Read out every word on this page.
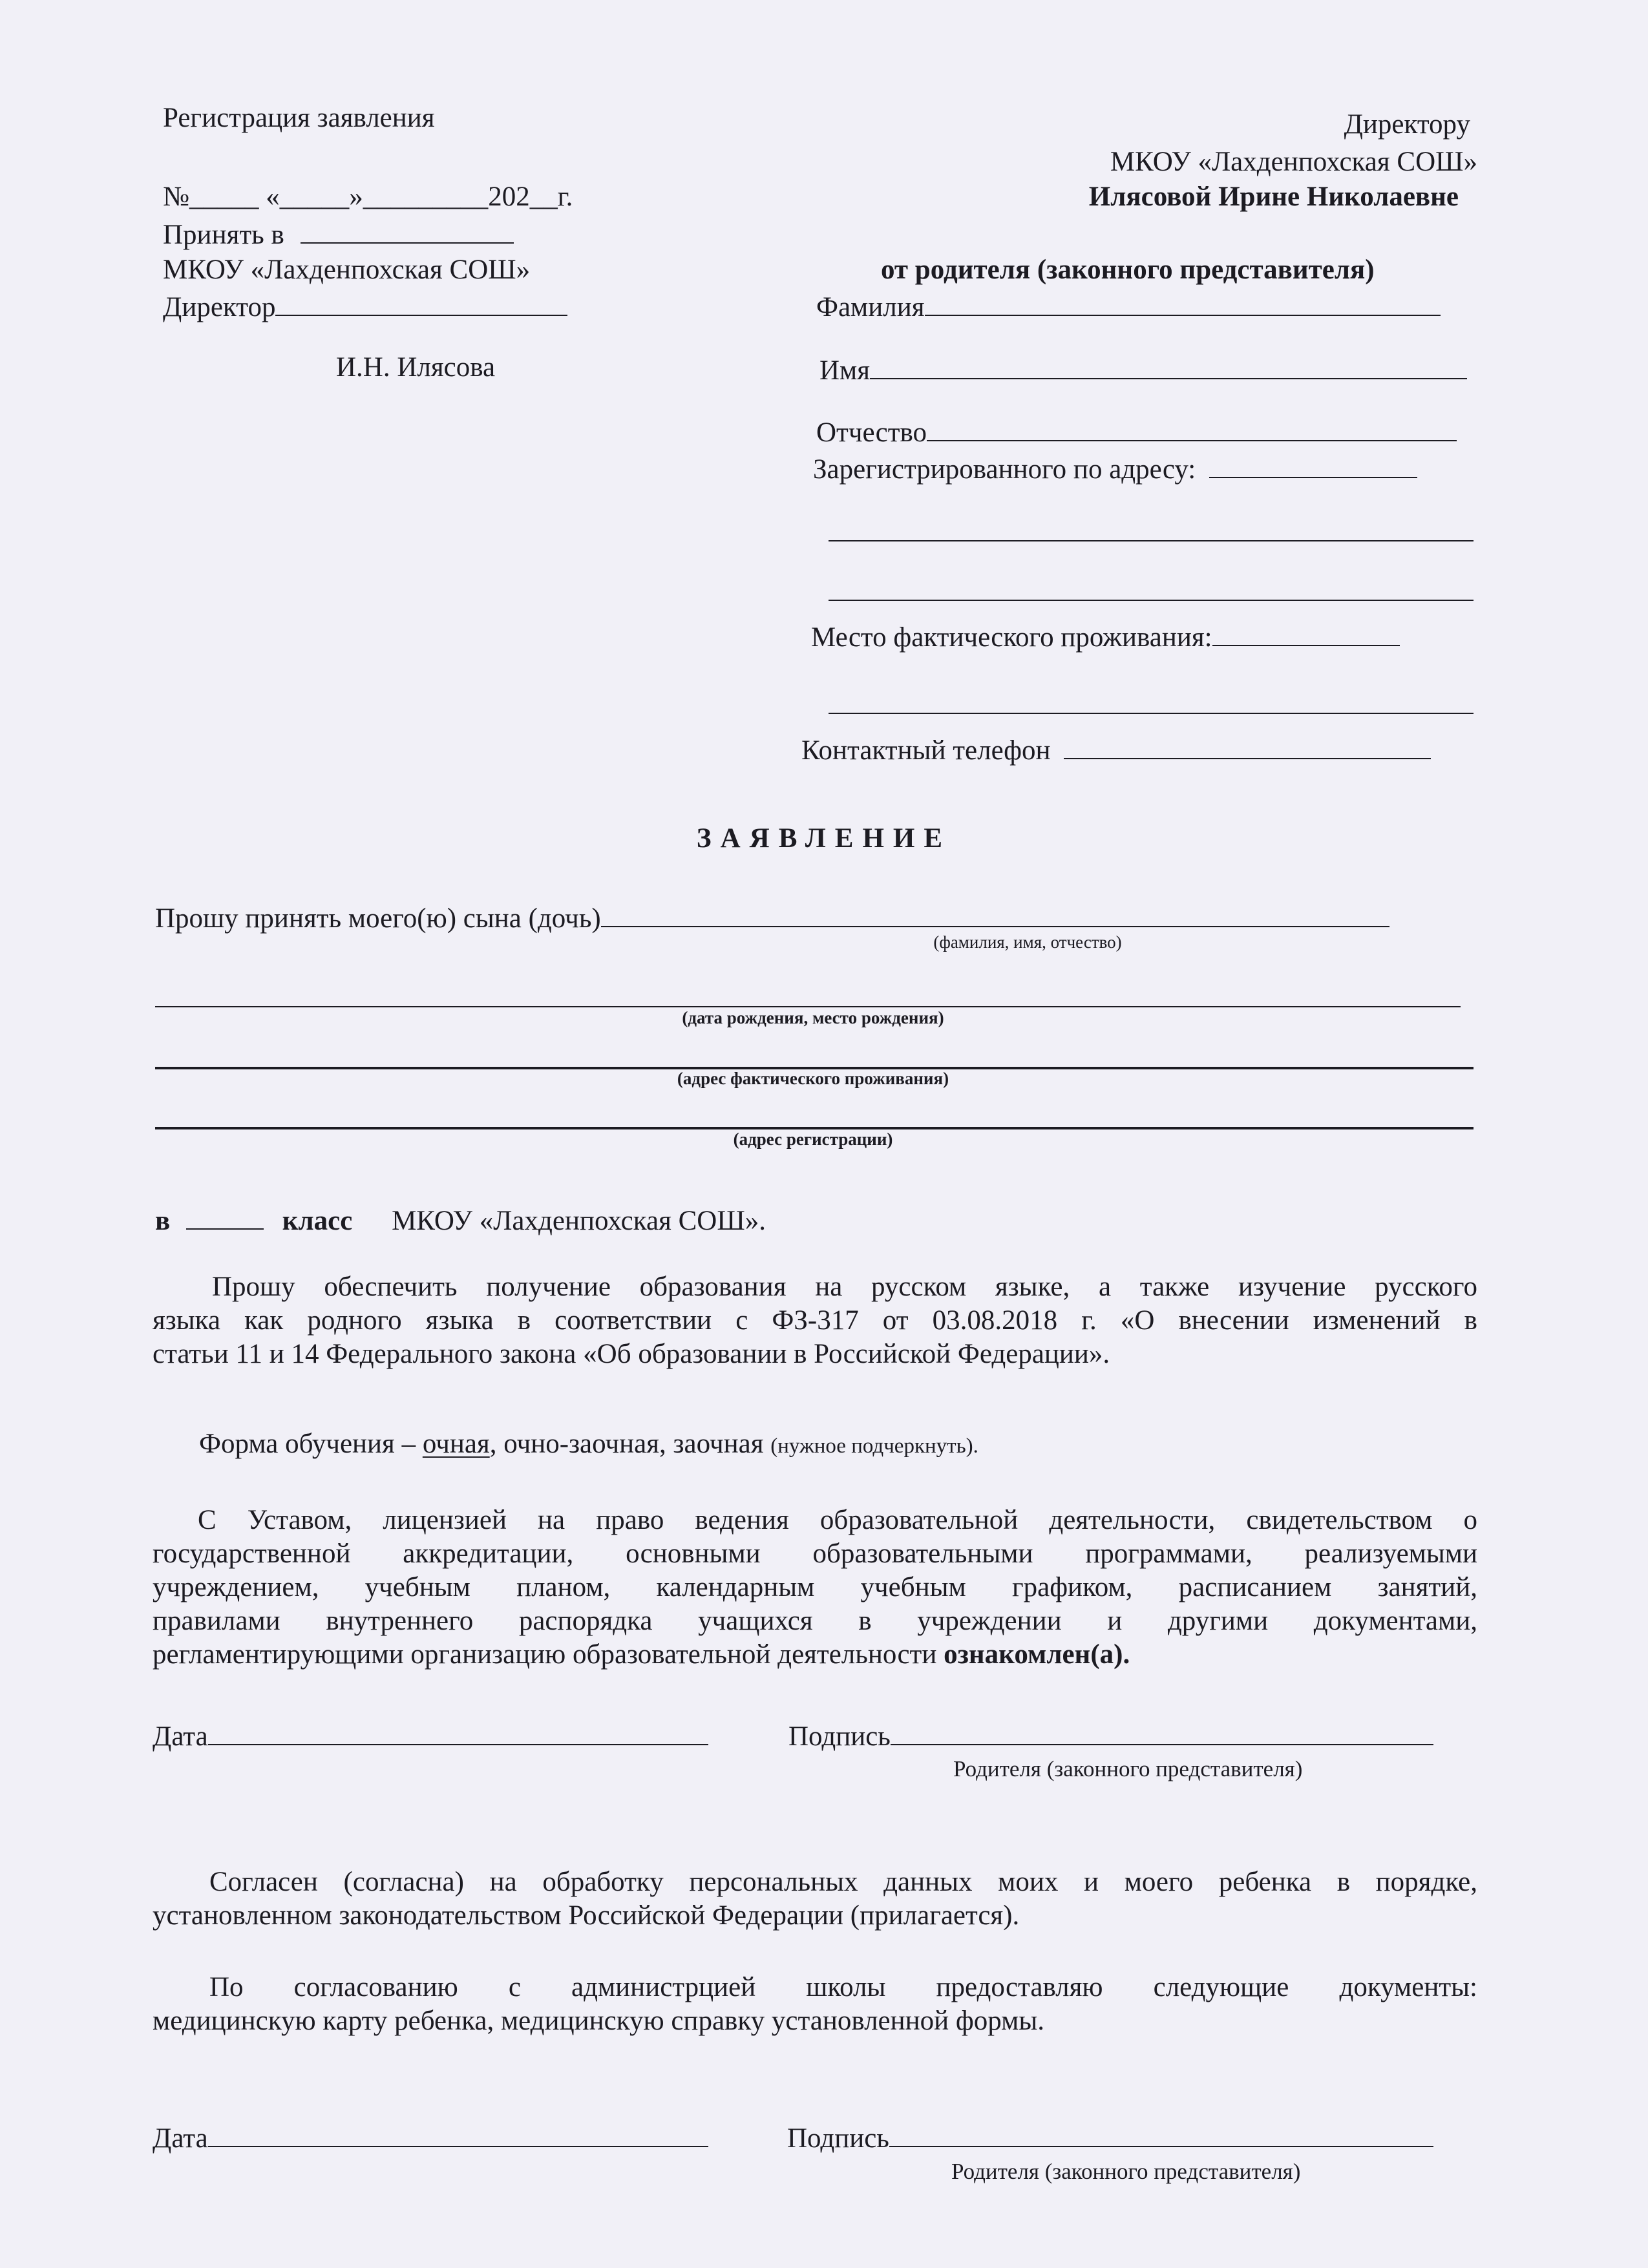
Регистрация заявления
№_____ «_____»_________202__г.
Принять в
МКОУ «Лахденпохская СОШ»
Директор
И.Н. Илясова
Директору
МКОУ «Лахденпохская СОШ»
Илясовой Ирине Николаевне
от родителя (законного представителя)
Фамилия
Имя
Отчество
Зарегистрированного по адресу:
Место фактического проживания:
Контактный телефон
ЗАЯВЛЕНИЕ
Прошу принять моего(ю) сына (дочь)
(фамилия, имя, отчество)
(дата рождения, место рождения)
(адрес фактического проживания)
(адрес регистрации)
в	класс МКОУ «Лахденпохская СОШ».
Прошу обеспечить получение образования на русском языке, а также изучение русского
языка как родного языка в соответствии с ФЗ-317 от 03.08.2018 г. «О внесении изменений в
статьи 11 и 14 Федерального закона «Об образовании в Российской Федерации».
Форма обучения – очная, очно-заочная, заочная (нужное подчеркнуть).
С Уставом, лицензией на право ведения образовательной деятельности, свидетельством о
государственной аккредитации, основными образовательными программами, реализуемыми
учреждением, учебным планом, календарным учебным графиком, расписанием занятий,
правилами внутреннего распорядка учащихся в учреждении и другими документами,
регламентирующими организацию образовательной деятельности ознакомлен(а).
Дата	Подпись
Родителя (законного представителя)
Согласен (согласна) на обработку персональных данных моих и моего ребенка в порядке,
установленном законодательством Российской Федерации (прилагается).
По согласованию с администрцией школы предоставляю следующие документы:
медицинскую карту ребенка, медицинскую справку установленной формы.
Дата	Подпись
Родителя (законного представителя)
